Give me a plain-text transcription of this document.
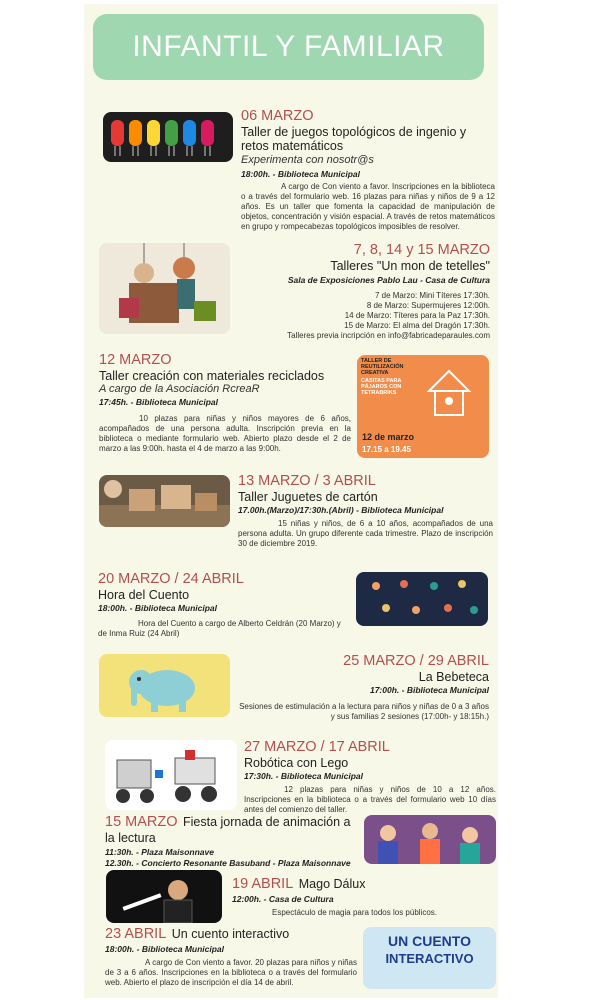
INFANTIL Y FAMILIAR
06 MARZO
Taller de juegos topológicos de ingenio y retos matemáticos
Experimenta con nosotr@s
18:00h. - Biblioteca Municipal
A cargo de Con viento a favor. Inscripciones en la biblioteca o a través del formulario web. 16 plazas para niñas y niños de 9 a 12 años. Es un taller que fomenta la capacidad de manipulación de objetos, concentración y visión espacial. A través de retos matemáticos en grupo y rompecabezas topológicos imposibles de resolver.
7, 8, 14 y 15 MARZO
Talleres "Un mon de tetelles"
Sala de Exposiciones Pablo Lau - Casa de Cultura
7 de Marzo: Mini Títeres 17:30h.
8 de Marzo: Supermujeres 12:00h.
14 de Marzo: Títeres para la Paz 17:30h.
15 de Marzo: El alma del Dragón 17:30h.
Talleres previa incripción en info@fabricadeparaules.com
12 MARZO
Taller creación con materiales reciclados
A cargo de la Asociación RcreaR
17:45h. - Biblioteca Municipal
10 plazas para niñas y niños mayores de 6 años, acompañados de una persona adulta. Inscripción previa en la biblioteca o mediante formulario web. Abierto plazo desde el 2 de marzo a las 9:00h. hasta el 4 de marzo a las 9:00h.
TALLER DE
REUTILIZACIÓN CREATIVA
CASITAS PARA PÁJAROS CON TETRABRIKS
12 de marzo
17.15 a 19.45
13 MARZO / 3 ABRIL
Taller Juguetes de cartón
17.00h.(Marzo)/17:30h.(Abril) - Biblioteca Municipal
15 niñas y niños, de 6 a 10 años, acompañados de una persona adulta. Un grupo diferente cada trimestre. Plazo de inscripción 30 de diciembre 2019.
20 MARZO / 24 ABRIL
Hora del Cuento
18:00h. - Biblioteca Municipal
Hora del Cuento a cargo de Alberto Celdrán (20 Marzo) y de Inma Ruiz (24 Abril)
25 MARZO / 29 ABRIL
La Bebeteca
17:00h. - Biblioteca Municipal
Sesiones de estimulación a la lectura para niños y niñas de 0 a 3 años y sus familias 2 sesiones (17:00h- y 18:15h.)
27 MARZO / 17 ABRIL
Robótica con Lego
17:30h. - Biblioteca Municipal
12 plazas para niñas y niños de 10 a 12 años. Inscripciones en la biblioteca o a través del formulario web 10 días antes del comienzo del taller.
15 MARZO Fiesta jornada de animación a la lectura
11:30h. - Plaza Maisonnave
12.30h. - Concierto Resonante Basuband - Plaza Maisonnave
19 ABRIL Mago Dálux
12:00h. - Casa de Cultura
Espectáculo de magia para todos los públicos.
23 ABRIL Un cuento interactivo
18:00h. - Biblioteca Municipal
A cargo de Con viento a favor. 20 plazas para niños y niñas de 3 a 6 años. Inscripciones en la biblioteca o a través del formulario web. Abierto el plazo de inscripción el día 14 de abril.
UN CUENTO
INTERACTIVO
